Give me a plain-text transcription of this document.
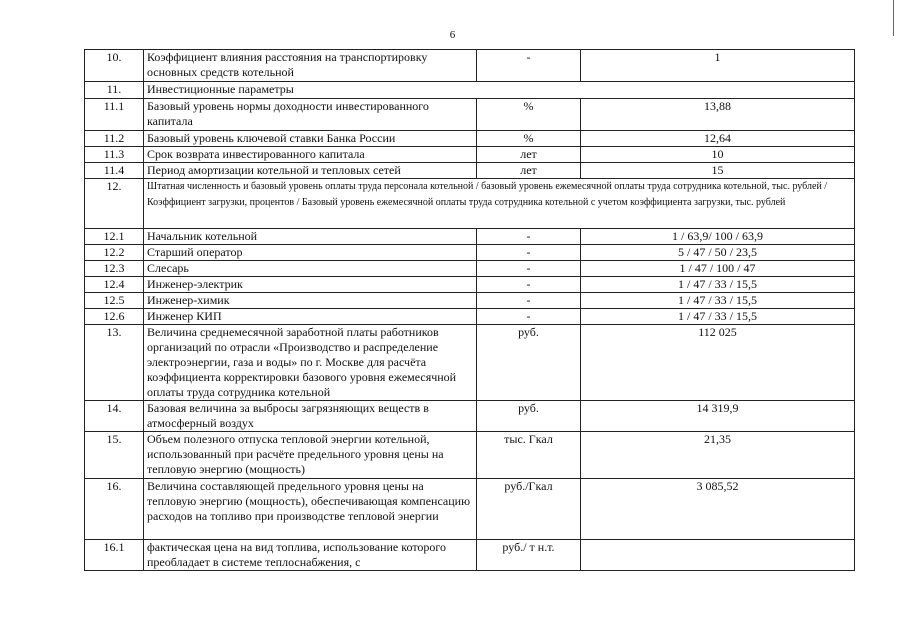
6
10.	Коэффициент влияния расстояния на транспортировку основных средств котельной	-	1
11.	Инвестиционные параметры		
11.1	Базовый уровень нормы доходности инвестированного капитала	%	13,88
11.2	Базовый уровень ключевой ставки Банка России	%	12,64
11.3	Срок возврата инвестированного капитала	лет	10
11.4	Период амортизации котельной и тепловых сетей	лет	15
12.	Штатная численность и базовый уровень оплаты труда персонала котельной / базовый уровень ежемесячной оплаты труда сотрудника котельной, тыс. рублей / Коэффициент загрузки, процентов / Базовый уровень ежемесячной оплаты труда сотрудника котельной с учетом коэффициента загрузки, тыс. рублей		
12.1	Начальник котельной	-	1 / 63,9/ 100 / 63,9
12.2	Старший оператор	-	5 / 47 / 50 / 23,5
12.3	Слесарь	-	1 / 47 / 100 / 47
12.4	Инженер-электрик	-	1 / 47 / 33 / 15,5
12.5	Инженер-химик	-	1 / 47 / 33 / 15,5
12.6	Инженер КИП	-	1 / 47 / 33 / 15,5
13.	Величина среднемесячной заработной платы работников организаций по отрасли «Производство и распределение электроэнергии, газа и воды» по г. Москве для расчёта коэффициента корректировки базового уровня ежемесячной оплаты труда сотрудника котельной	руб.	112 025
14.	Базовая величина за выбросы загрязняющих веществ в атмосферный воздух	руб.	14 319,9
15.	Объем полезного отпуска тепловой энергии котельной, использованный при расчёте предельного уровня цены на тепловую энергию (мощность)	тыс. Гкал	21,35
16.	Величина составляющей предельного уровня цены на тепловую энергию (мощность), обеспечивающая компенсацию расходов на топливо при производстве тепловой энергии	руб./Гкал	3 085,52
16.1	фактическая цена на вид топлива, использование которого преобладает в системе теплоснабжения, с	руб./ т н.т.	
